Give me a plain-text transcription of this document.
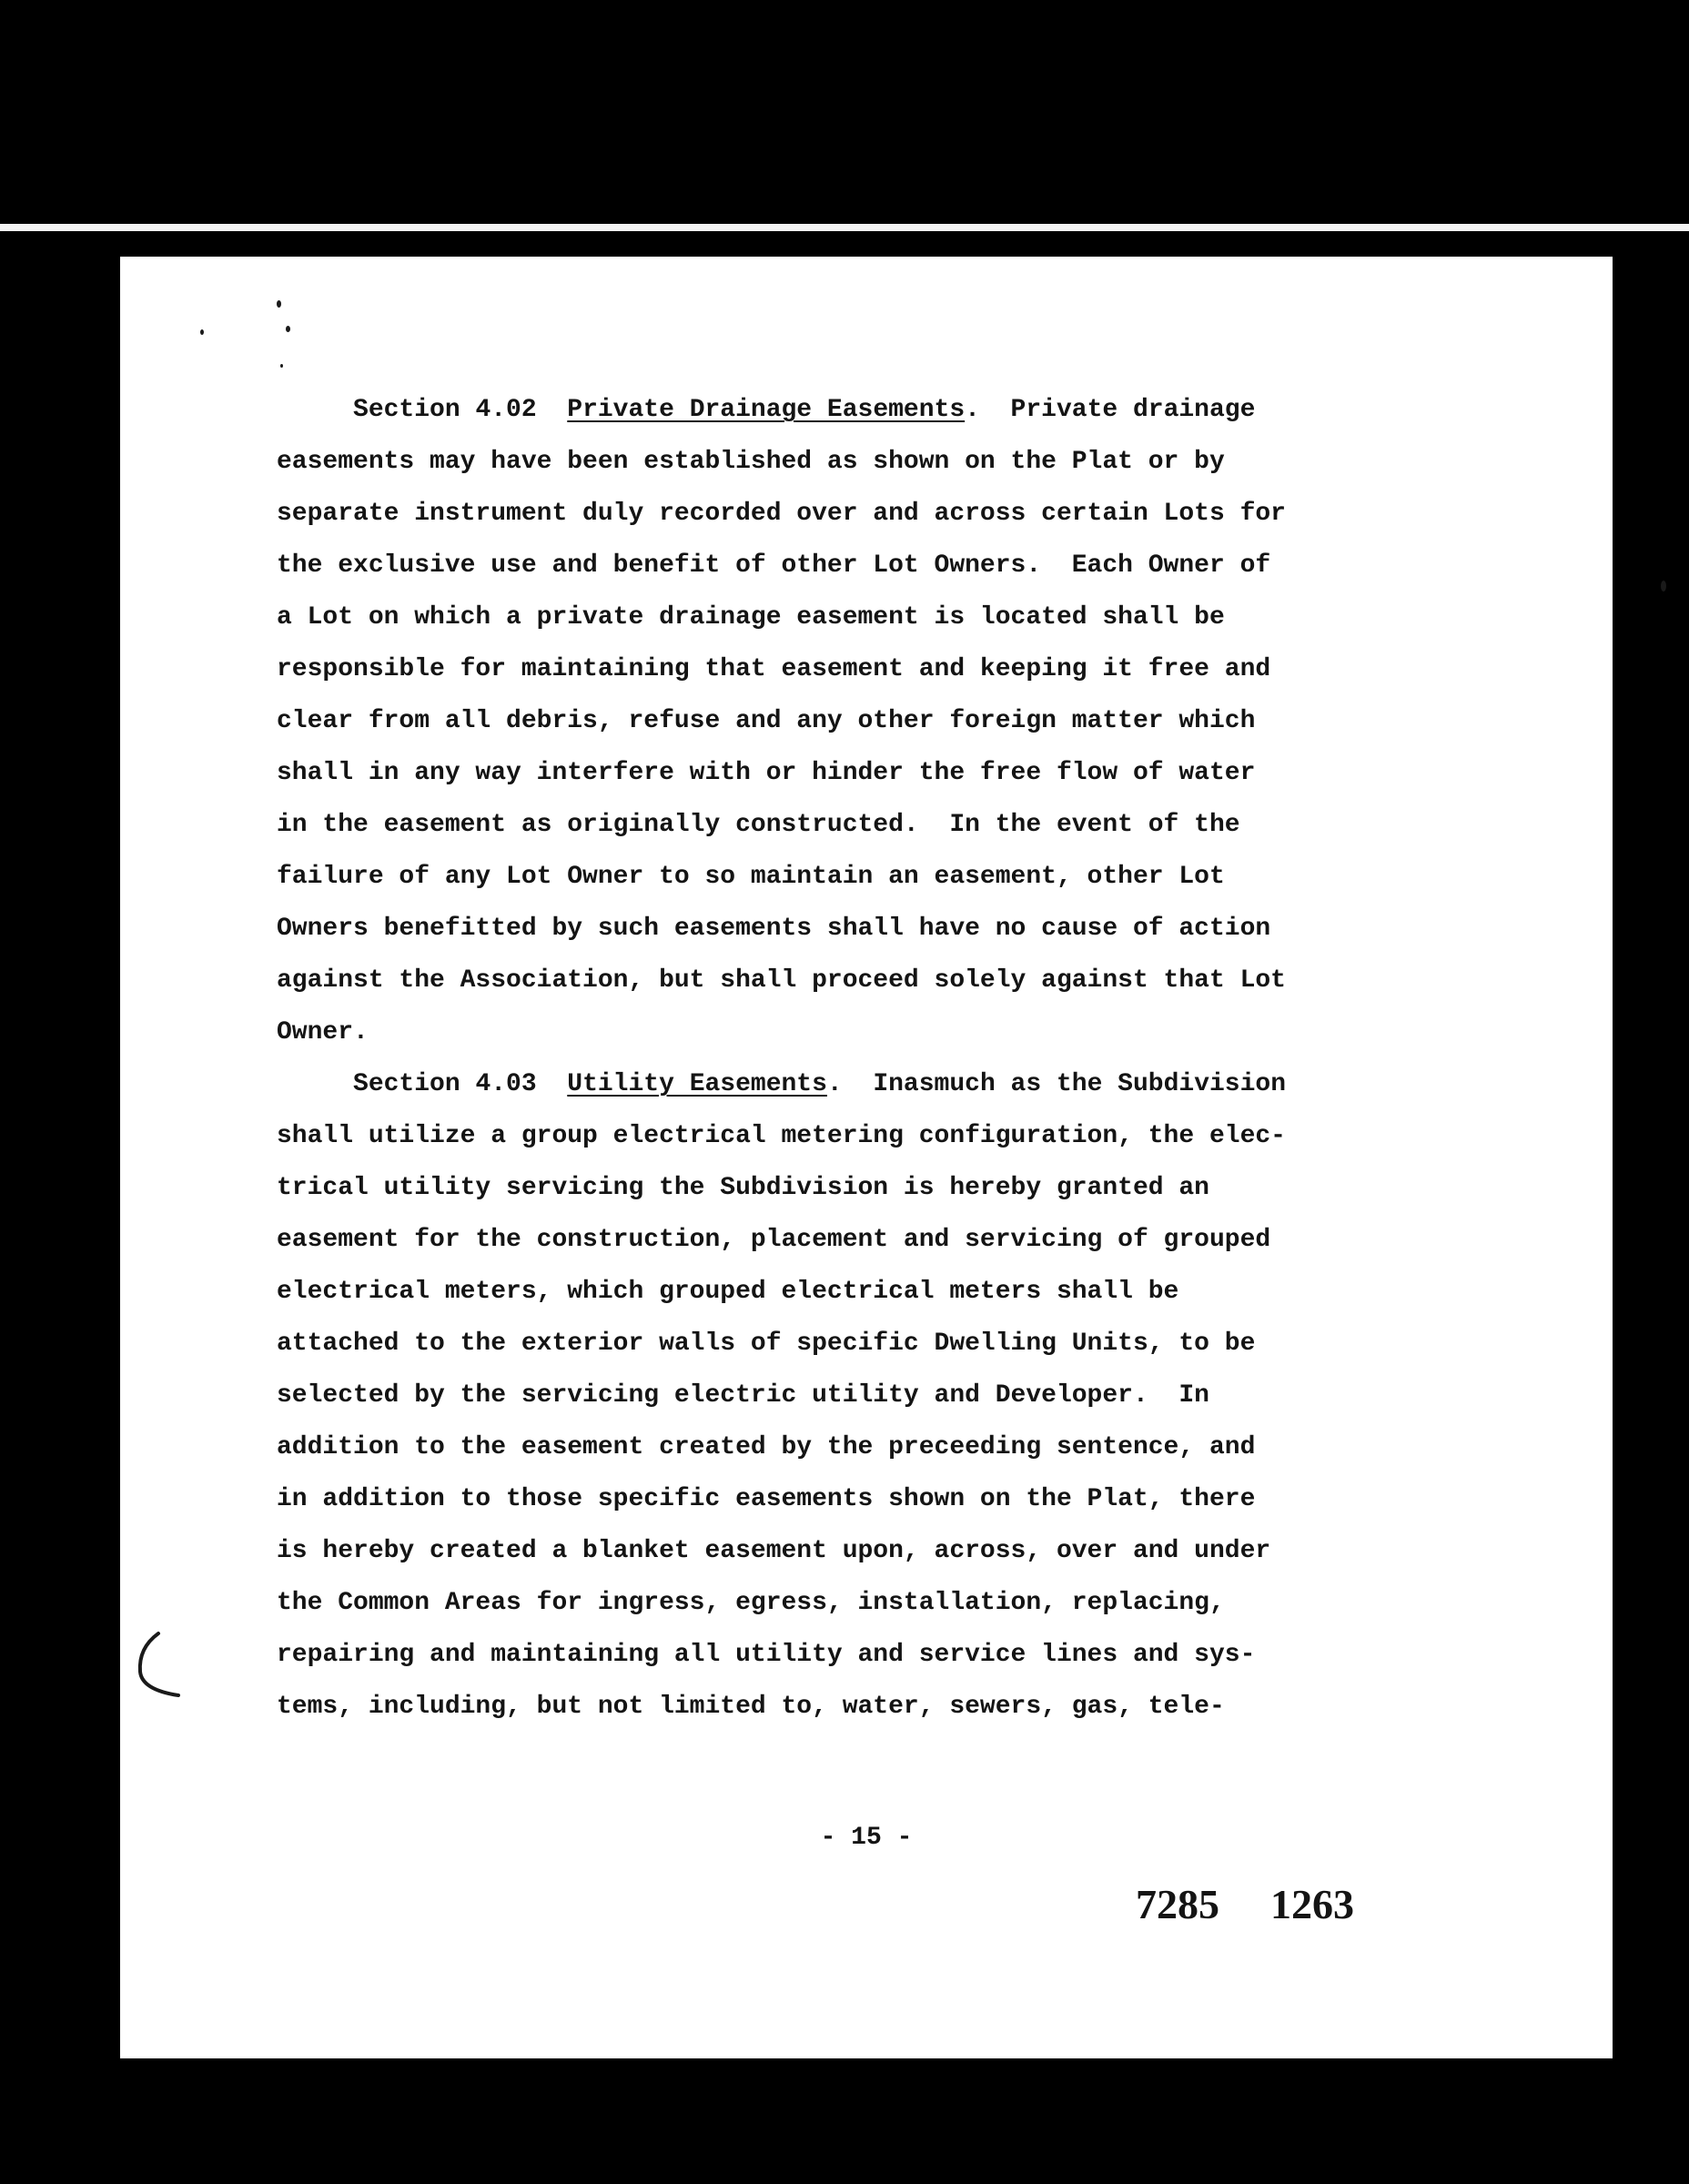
Section 4.02 Private Drainage Easements.  Private drainage
easements may have been established as shown on the Plat or by
separate instrument duly recorded over and across certain Lots for
the exclusive use and benefit of other Lot Owners.  Each Owner of
a Lot on which a private drainage easement is located shall be
responsible for maintaining that easement and keeping it free and
clear from all debris, refuse and any other foreign matter which
shall in any way interfere with or hinder the free flow of water
in the easement as originally constructed.  In the event of the
failure of any Lot Owner to so maintain an easement, other Lot
Owners benefitted by such easements shall have no cause of action
against the Association, but shall proceed solely against that Lot
Owner.
Section 4.03 Utility Easements.  Inasmuch as the Subdivision
shall utilize a group electrical metering configuration, the elec-
trical utility servicing the Subdivision is hereby granted an
easement for the construction, placement and servicing of grouped
electrical meters, which grouped electrical meters shall be
attached to the exterior walls of specific Dwelling Units, to be
selected by the servicing electric utility and Developer.  In
addition to the easement created by the preceeding sentence, and
in addition to those specific easements shown on the Plat, there
is hereby created a blanket easement upon, across, over and under
the Common Areas for ingress, egress, installation, replacing,
repairing and maintaining all utility and service lines and sys-
tems, including, but not limited to, water, sewers, gas, tele-
- 15 -
7285 1263
